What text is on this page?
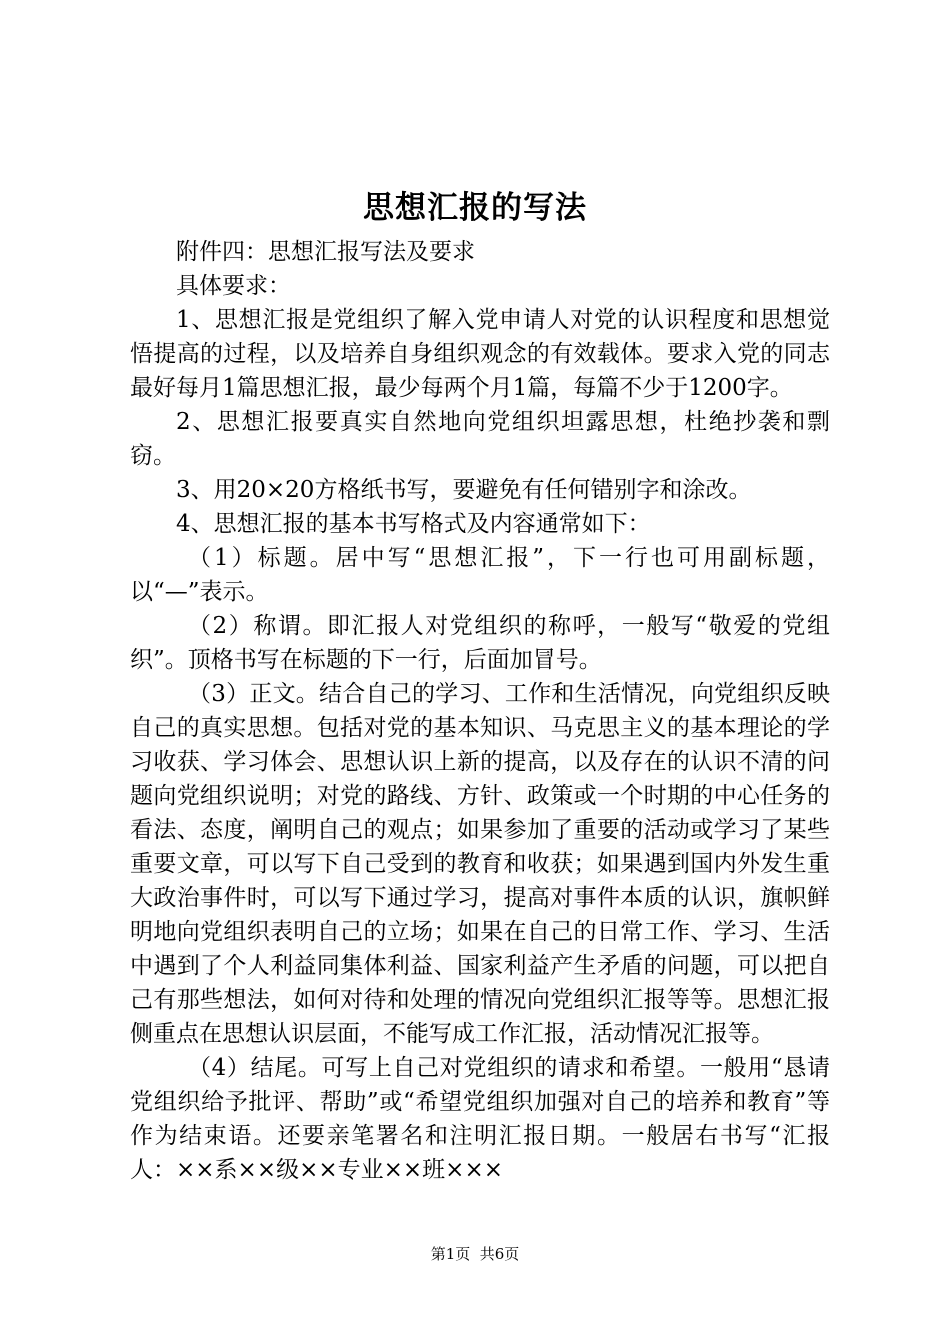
思想汇报的写法

附件四：思想汇报写法及要求

具体要求：

1、思想汇报是党组织了解入党申请人对党的认识程度和思想觉悟提高的过程，以及培养自身组织观念的有效载体。要求入党的同志最好每月1篇思想汇报，最少每两个月1篇，每篇不少于1200字。

2、思想汇报要真实自然地向党组织坦露思想，杜绝抄袭和剽窃。

3、用20×20方格纸书写，要避免有任何错别字和涂改。

4、思想汇报的基本书写格式及内容通常如下：

（1）标题。居中写“思想汇报”，下一行也可用副标题，以“—”表示。

（2）称谓。即汇报人对党组织的称呼，一般写“敬爱的党组织”。顶格书写在标题的下一行，后面加冒号。

（3）正文。结合自己的学习、工作和生活情况，向党组织反映自己的真实思想。包括对党的基本知识、马克思主义的基本理论的学习收获、学习体会、思想认识上新的提高，以及存在的认识不清的问题向党组织说明；对党的路线、方针、政策或一个时期的中心任务的看法、态度，阐明自己的观点；如果参加了重要的活动或学习了某些重要文章，可以写下自己受到的教育和收获；如果遇到国内外发生重大政治事件时，可以写下通过学习，提高对事件本质的认识，旗帜鲜明地向党组织表明自己的立场；如果在自己的日常工作、学习、生活中遇到了个人利益同集体利益、国家利益产生矛盾的问题，可以把自己有那些想法，如何对待和处理的情况向党组织汇报等等。思想汇报侧重点在思想认识层面，不能写成工作汇报，活动情况汇报等。

（4）结尾。可写上自己对党组织的请求和希望。一般用“恳请党组织给予批评、帮助”或“希望党组织加强对自己的培养和教育”等作为结束语。还要亲笔署名和注明汇报日期。一般居右书写“汇报人：××系××级××专业××班×××

第1页  共6页
